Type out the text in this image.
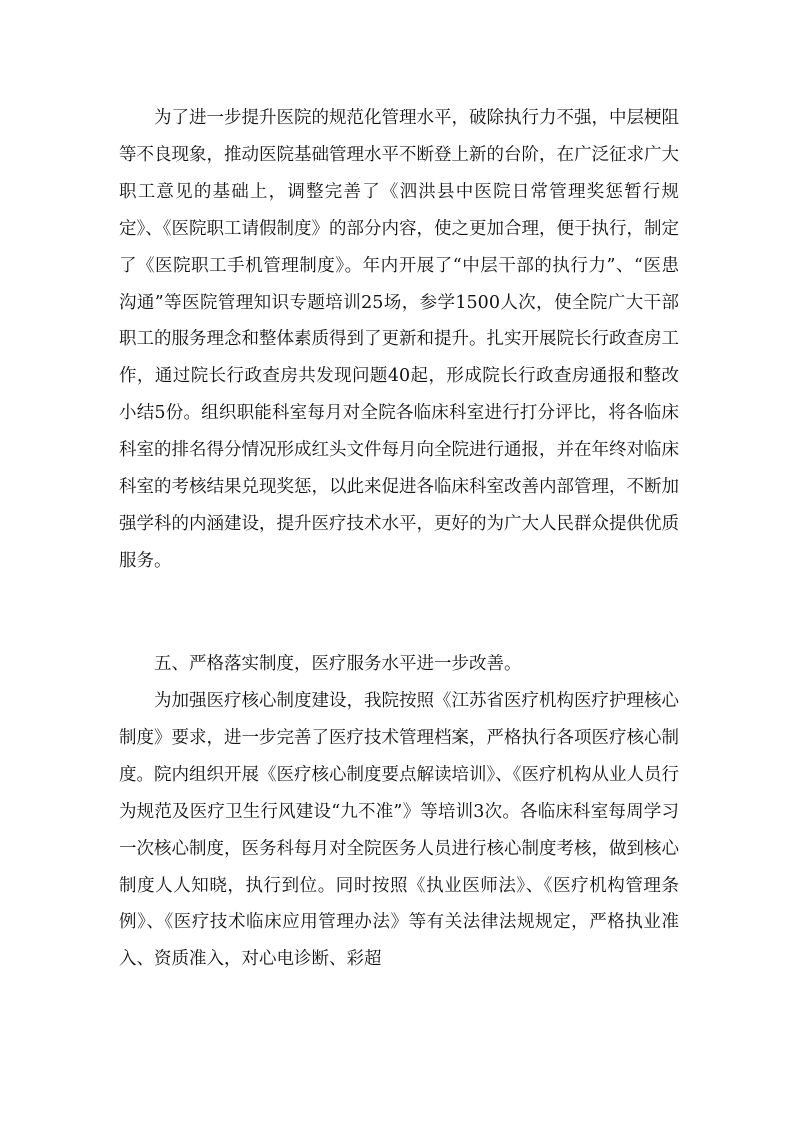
为了进一步提升医院的规范化管理水平，破除执行力不强，中层梗阻等不良现象，推动医院基础管理水平不断登上新的台阶，在广泛征求广大职工意见的基础上，调整完善了《泗洪县中医院日常管理奖惩暂行规定》、《医院职工请假制度》的部分内容，使之更加合理，便于执行，制定了《医院职工手机管理制度》。年内开展了“中层干部的执行力”、“医患沟通”等医院管理知识专题培训25场，参学1500人次，使全院广大干部职工的服务理念和整体素质得到了更新和提升。扎实开展院长行政查房工作，通过院长行政查房共发现问题40起，形成院长行政查房通报和整改小结5份。组织职能科室每月对全院各临床科室进行打分评比，将各临床科室的排名得分情况形成红头文件每月向全院进行通报，并在年终对临床科室的考核结果兑现奖惩，以此来促进各临床科室改善内部管理，不断加强学科的内涵建设，提升医疗技术水平，更好的为广大人民群众提供优质服务。

五、严格落实制度，医疗服务水平进一步改善。

为加强医疗核心制度建设，我院按照《江苏省医疗机构医疗护理核心制度》要求，进一步完善了医疗技术管理档案，严格执行各项医疗核心制度。院内组织开展《医疗核心制度要点解读培训》、《医疗机构从业人员行为规范及医疗卫生行风建设“九不准”》等培训3次。各临床科室每周学习一次核心制度，医务科每月对全院医务人员进行核心制度考核，做到核心制度人人知晓，执行到位。同时按照《执业医师法》、《医疗机构管理条例》、《医疗技术临床应用管理办法》等有关法律法规规定，严格执业准入、资质准入，对心电诊断、彩超
